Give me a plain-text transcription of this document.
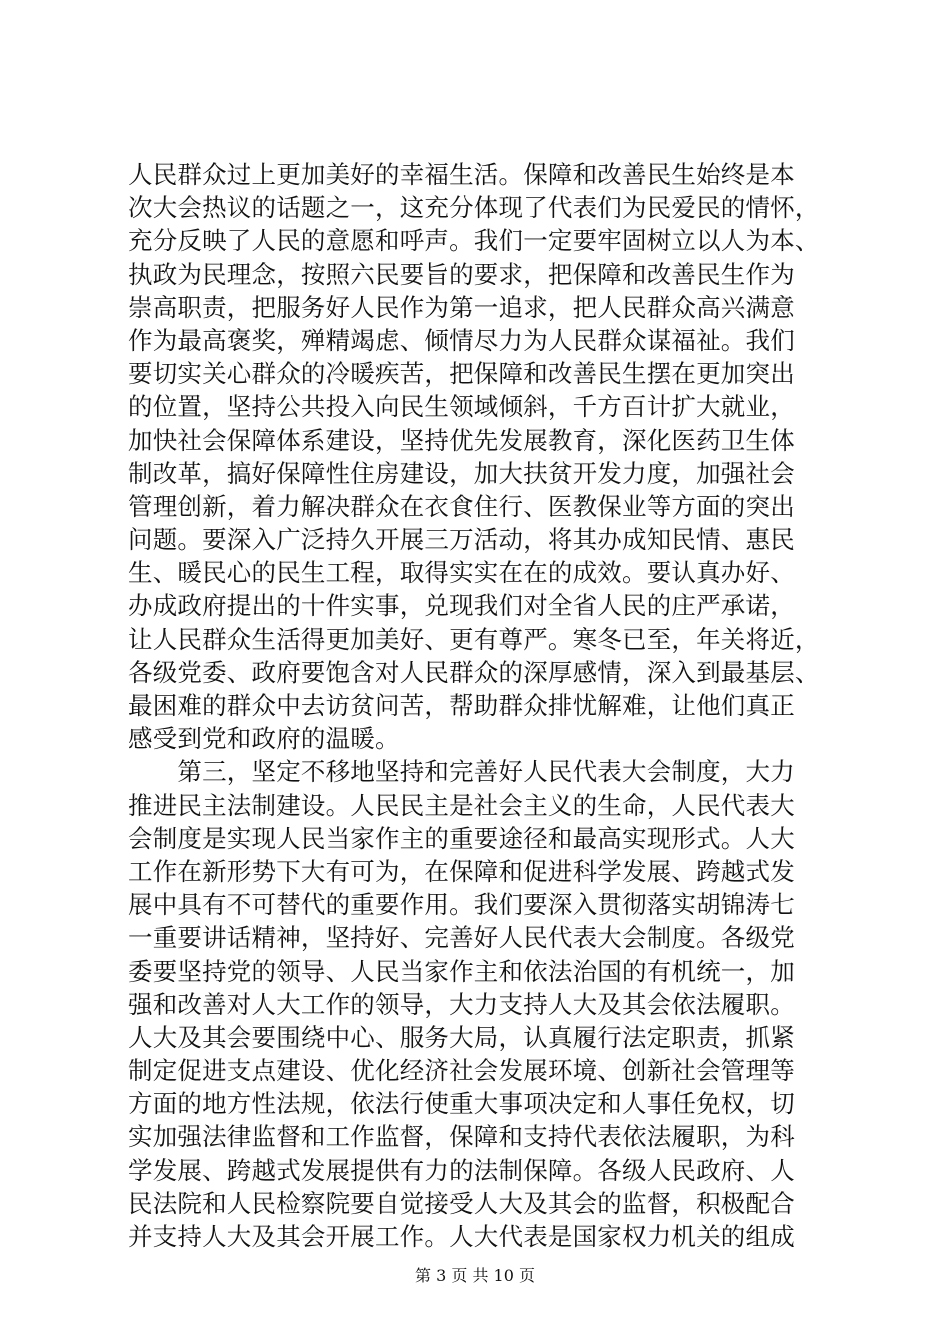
人民群众过上更加美好的幸福生活。保障和改善民生始终是本
次大会热议的话题之一，这充分体现了代表们为民爱民的情怀，
充分反映了人民的意愿和呼声。我们一定要牢固树立以人为本、
执政为民理念，按照六民要旨的要求，把保障和改善民生作为
崇高职责，把服务好人民作为第一追求，把人民群众高兴满意
作为最高褒奖，殚精竭虑、倾情尽力为人民群众谋福祉。我们
要切实关心群众的冷暖疾苦，把保障和改善民生摆在更加突出
的位置，坚持公共投入向民生领域倾斜，千方百计扩大就业，
加快社会保障体系建设，坚持优先发展教育，深化医药卫生体
制改革，搞好保障性住房建设，加大扶贫开发力度，加强社会
管理创新，着力解决群众在衣食住行、医教保业等方面的突出
问题。要深入广泛持久开展三万活动，将其办成知民情、惠民
生、暖民心的民生工程，取得实实在在的成效。要认真办好、
办成政府提出的十件实事，兑现我们对全省人民的庄严承诺，
让人民群众生活得更加美好、更有尊严。寒冬已至，年关将近，
各级党委、政府要饱含对人民群众的深厚感情，深入到最基层、
最困难的群众中去访贫问苦，帮助群众排忧解难，让他们真正
感受到党和政府的温暖。
　　第三，坚定不移地坚持和完善好人民代表大会制度，大力
推进民主法制建设。人民民主是社会主义的生命，人民代表大
会制度是实现人民当家作主的重要途径和最高实现形式。人大
工作在新形势下大有可为，在保障和促进科学发展、跨越式发
展中具有不可替代的重要作用。我们要深入贯彻落实胡锦涛七
一重要讲话精神，坚持好、完善好人民代表大会制度。各级党
委要坚持党的领导、人民当家作主和依法治国的有机统一，加
强和改善对人大工作的领导，大力支持人大及其会依法履职。
人大及其会要围绕中心、服务大局，认真履行法定职责，抓紧
制定促进支点建设、优化经济社会发展环境、创新社会管理等
方面的地方性法规，依法行使重大事项决定和人事任免权，切
实加强法律监督和工作监督，保障和支持代表依法履职，为科
学发展、跨越式发展提供有力的法制保障。各级人民政府、人
民法院和人民检察院要自觉接受人大及其会的监督，积极配合
并支持人大及其会开展工作。人大代表是国家权力机关的组成
第 3 页 共 10 页
